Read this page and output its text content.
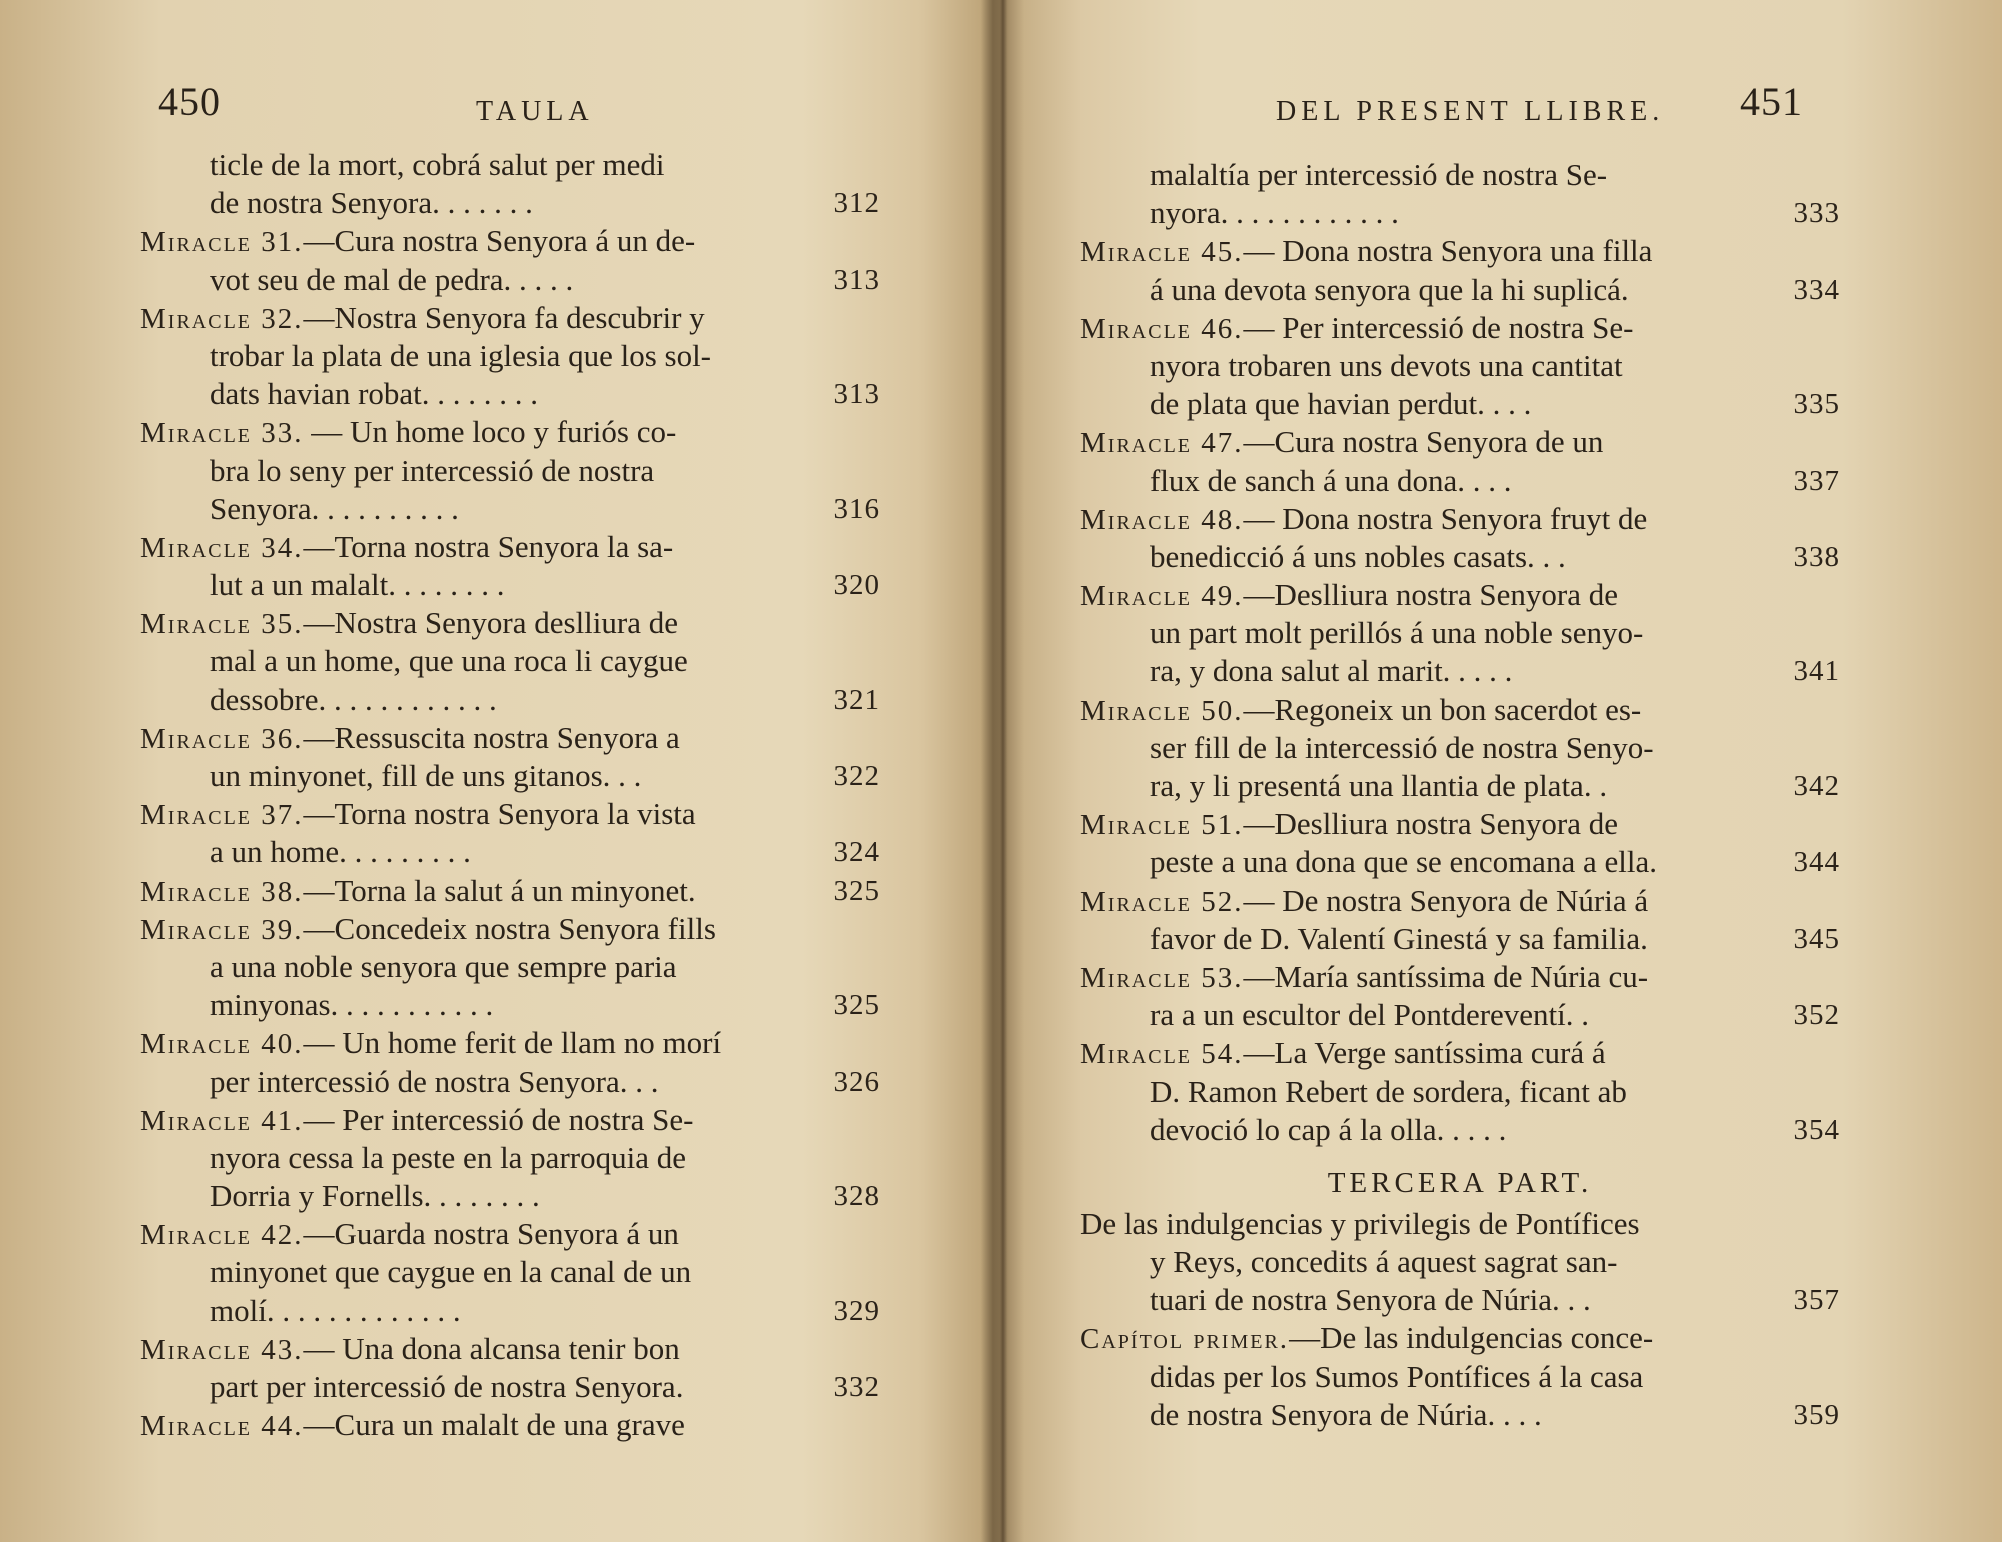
450	TAULA
ticle de la mort, cobrá salut per medi
de nostra Senyora. . . . . . .	312
Miracle 31.—Cura nostra Senyora á un de-
vot seu de mal de pedra. . . . .	313
Miracle 32.—Nostra Senyora fa descubrir y
trobar la plata de una iglesia que los sol-
dats havian robat. . . . . . . .	313
Miracle 33. — Un home loco y furiós co-
bra lo seny per intercessió de nostra
Senyora. . . . . . . . . .	316
Miracle 34.—Torna nostra Senyora la sa-
lut a un malalt. . . . . . . .	320
Miracle 35.—Nostra Senyora deslliura de
mal a un home, que una roca li caygue
dessobre. . . . . . . . . . . .	321
Miracle 36.—Ressuscita nostra Senyora a
un minyonet, fill de uns gitanos. . .	322
Miracle 37.—Torna nostra Senyora la vista
a un home. . . . . . . . .	324
Miracle 38.—Torna la salut á un minyonet.	325
Miracle 39.—Concedeix nostra Senyora fills
a una noble senyora que sempre paria
minyonas. . . . . . . . . . .	325
Miracle 40.— Un home ferit de llam no morí
per intercessió de nostra Senyora. . .	326
Miracle 41.— Per intercessió de nostra Se-
nyora cessa la peste en la parroquia de
Dorria y Fornells. . . . . . . .	328
Miracle 42.—Guarda nostra Senyora á un
minyonet que caygue en la canal de un
molí. . . . . . . . . . . . .	329
Miracle 43.— Una dona alcansa tenir bon
part per intercessió de nostra Senyora.	332
Miracle 44.—Cura un malalt de una grave
DEL PRESENT LLIBRE. 451
malaltía per intercessió de nostra Se-
nyora. . . . . . . . . . . .	333
Miracle 45.— Dona nostra Senyora una filla
á una devota senyora que la hi suplicá.	334
Miracle 46.— Per intercessió de nostra Se-
nyora trobaren uns devots una cantitat
de plata que havian perdut. . . .	335
Miracle 47.—Cura nostra Senyora de un
flux de sanch á una dona. . . .	337
Miracle 48.— Dona nostra Senyora fruyt de
benedicció á uns nobles casats. . .	338
Miracle 49.—Deslliura nostra Senyora de
un part molt perillós á una noble senyo-
ra, y dona salut al marit. . . . .	341
Miracle 50.—Regoneix un bon sacerdot es-
ser fill de la intercessió de nostra Senyo-
ra, y li presentá una llantia de plata. .	342
Miracle 51.—Deslliura nostra Senyora de
peste a una dona que se encomana a ella.	344
Miracle 52.— De nostra Senyora de Núria á
favor de D. Valentí Ginestá y sa familia.	345
Miracle 53.—María santíssima de Núria cu-
ra a un escultor del Pontdereventí. .	352
Miracle 54.—La Verge santíssima curá á
D. Ramon Rebert de sordera, ficant ab
devoció lo cap á la olla. . . . .	354
TERCERA PART.
De las indulgencias y privilegis de Pontífices
y Reys, concedits á aquest sagrat san-
tuari de nostra Senyora de Núria. . .	357
Capítol primer.—De las indulgencias conce-
didas per los Sumos Pontífices á la casa
de nostra Senyora de Núria. . . .	359
